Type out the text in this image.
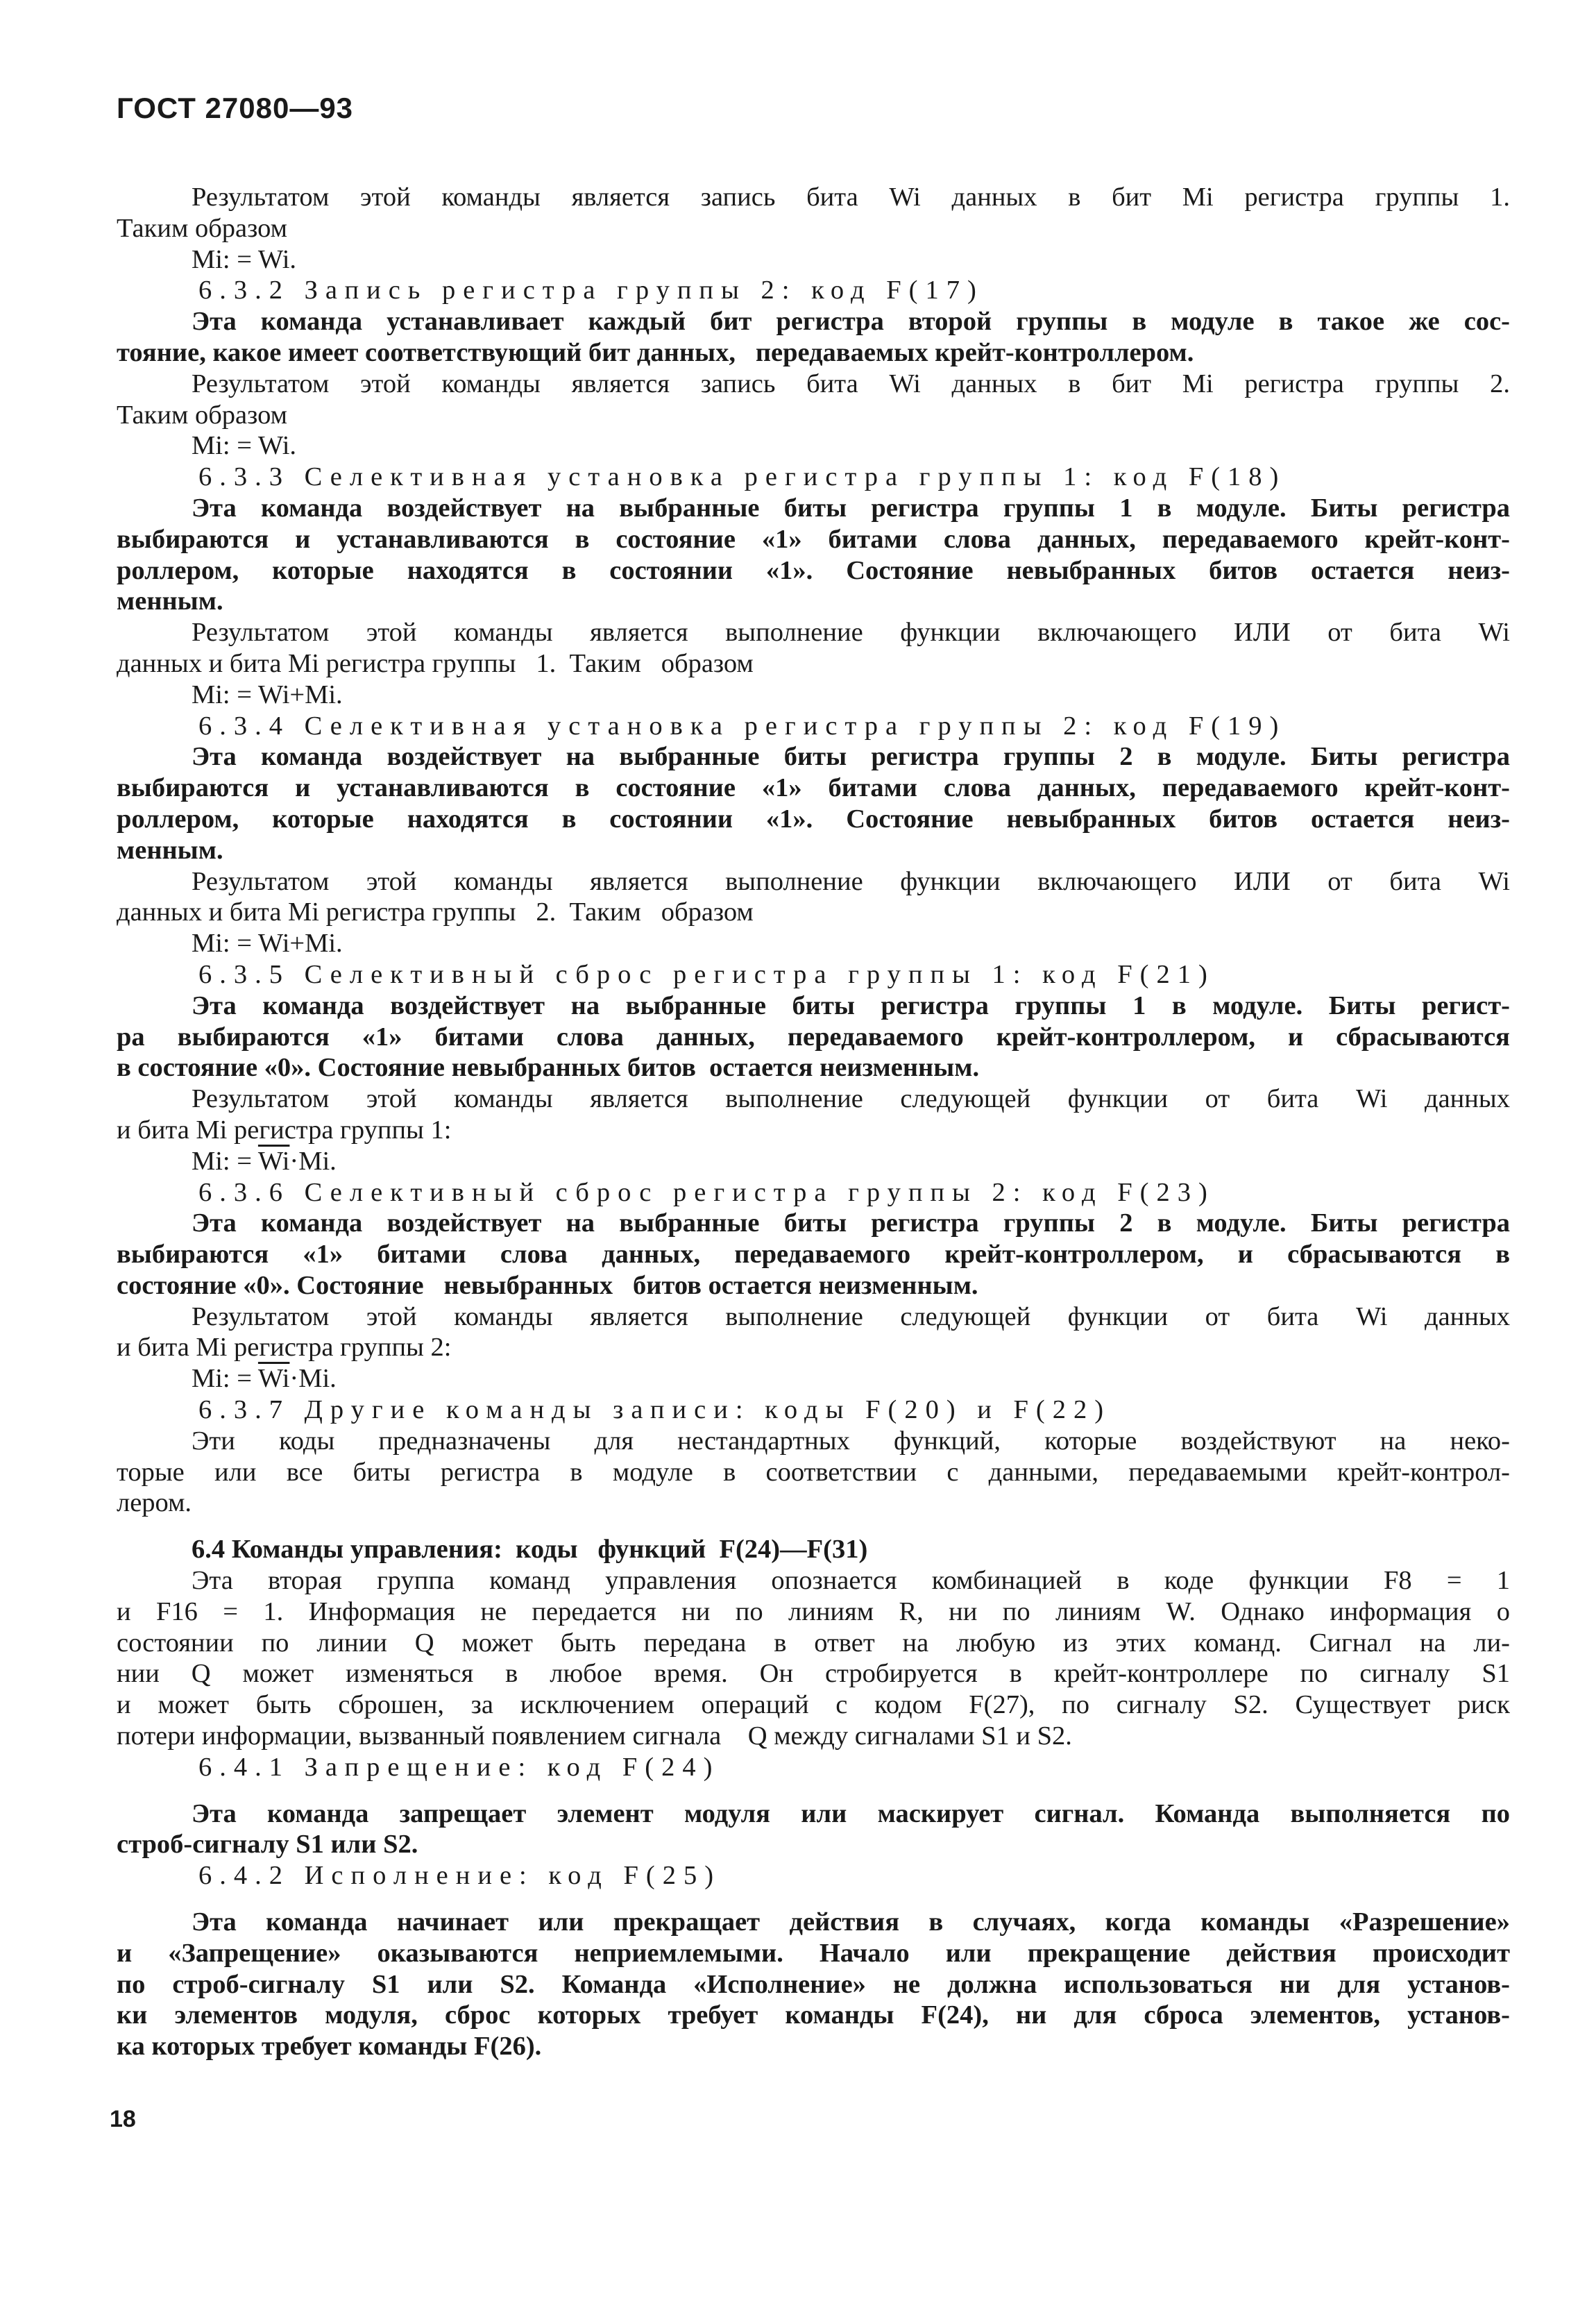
ГОСТ 27080—93
Результатом этой команды является запись бита Wi данных в бит Mi регистра группы 1.
Таким образом
Mi: = Wi.
6.3.2 Запись регистра группы 2: код F(17)
Эта команда устанавливает каждый бит регистра второй группы в модуле в такое же сос-
тояние, какое имеет соответствующий бит данных,   передаваемых крейт-контроллером.
Результатом этой команды является запись бита Wi данных в бит Mi регистра группы 2.
Таким образом
Mi: = Wi.
6.3.3 Селективная установка регистра группы 1: код F(18)
Эта команда воздействует на выбранные биты регистра группы 1 в модуле. Биты регистра
выбираются и устанавливаются в состояние «1» битами слова данных, передаваемого крейт-конт-
роллером, которые находятся в состоянии «1». Состояние невыбранных битов остается неиз-
менным.
Результатом этой команды является выполнение функции включающего ИЛИ от бита Wi
данных и бита Mi регистра группы   1.  Таким   образом
Mi: = Wi+Mi.
6.3.4 Селективная установка регистра группы 2: код F(19)
Эта команда воздействует на выбранные биты регистра группы 2 в модуле. Биты регистра
выбираются и устанавливаются в состояние «1» битами слова данных, передаваемого крейт-конт-
роллером, которые находятся в состоянии «1». Состояние невыбранных битов остается неиз-
менным.
Результатом этой команды является выполнение функции включающего ИЛИ от бита Wi
данных и бита Mi регистра группы   2.  Таким   образом
Mi: = Wi+Mi.
6.3.5 Селективный сброс регистра группы 1: код F(21)
Эта команда воздействует на выбранные биты регистра группы 1 в модуле. Биты регист-
ра выбираются «1» битами слова данных, передаваемого крейт-контроллером, и сбрасываются
в состояние «0». Состояние невыбранных битов  остается неизменным.
Результатом этой команды является выполнение следующей функции от бита Wi данных
и бита Mi регистра группы 1:
Mi: = $\overline{Wi}\cdot Mi$.
6.3.6 Селективный сброс регистра группы 2: код F(23)
Эта команда воздействует на выбранные биты регистра группы 2 в модуле. Биты регистра
выбираются «1» битами слова данных, передаваемого крейт-контроллером, и сбрасываются в
состояние «0». Состояние   невыбранных   битов остается неизменным.
Результатом этой команды является выполнение следующей функции от бита Wi данных
и бита Mi регистра группы 2:
Mi: = $\overline{Wi}\cdot Mi$.
6.3.7 Другие команды записи: коды F(20) и F(22)
Эти коды предназначены для нестандартных функций, которые воздействуют на неко-
торые или все биты регистра в модуле в соответствии с данными, передаваемыми крейт-контрол-
лером.
6.4 Команды управления:  коды   функций  F(24)—F(31)
Эта вторая группа команд управления опознается комбинацией в коде функции F8 = 1
и F16 = 1. Информация не передается ни по линиям R, ни по линиям W. Однако информация о
состоянии по линии Q может быть передана в ответ на любую из этих команд. Сигнал на ли-
нии Q может изменяться в любое время. Он стробируется в крейт-контроллере по сигналу S1
и может быть сброшен, за исключением операций с кодом F(27), по сигналу S2. Существует риск
потери информации, вызванный появлением сигнала    Q между сигналами S1 и S2.
6.4.1 Запрещение: код F(24)
Эта команда запрещает элемент модуля или маскирует сигнал. Команда выполняется по
строб-сигналу S1 или S2.
6.4.2 Исполнение: код F(25)
Эта команда начинает или прекращает действия в случаях, когда команды «Разрешение»
и «Запрещение» оказываются неприемлемыми. Начало или прекращение действия происходит
по строб-сигналу S1 или S2. Команда «Исполнение» не должна использоваться ни для установ-
ки элементов модуля, сброс которых требует команды F(24), ни для сброса элементов, установ-
ка которых требует команды F(26).
18
